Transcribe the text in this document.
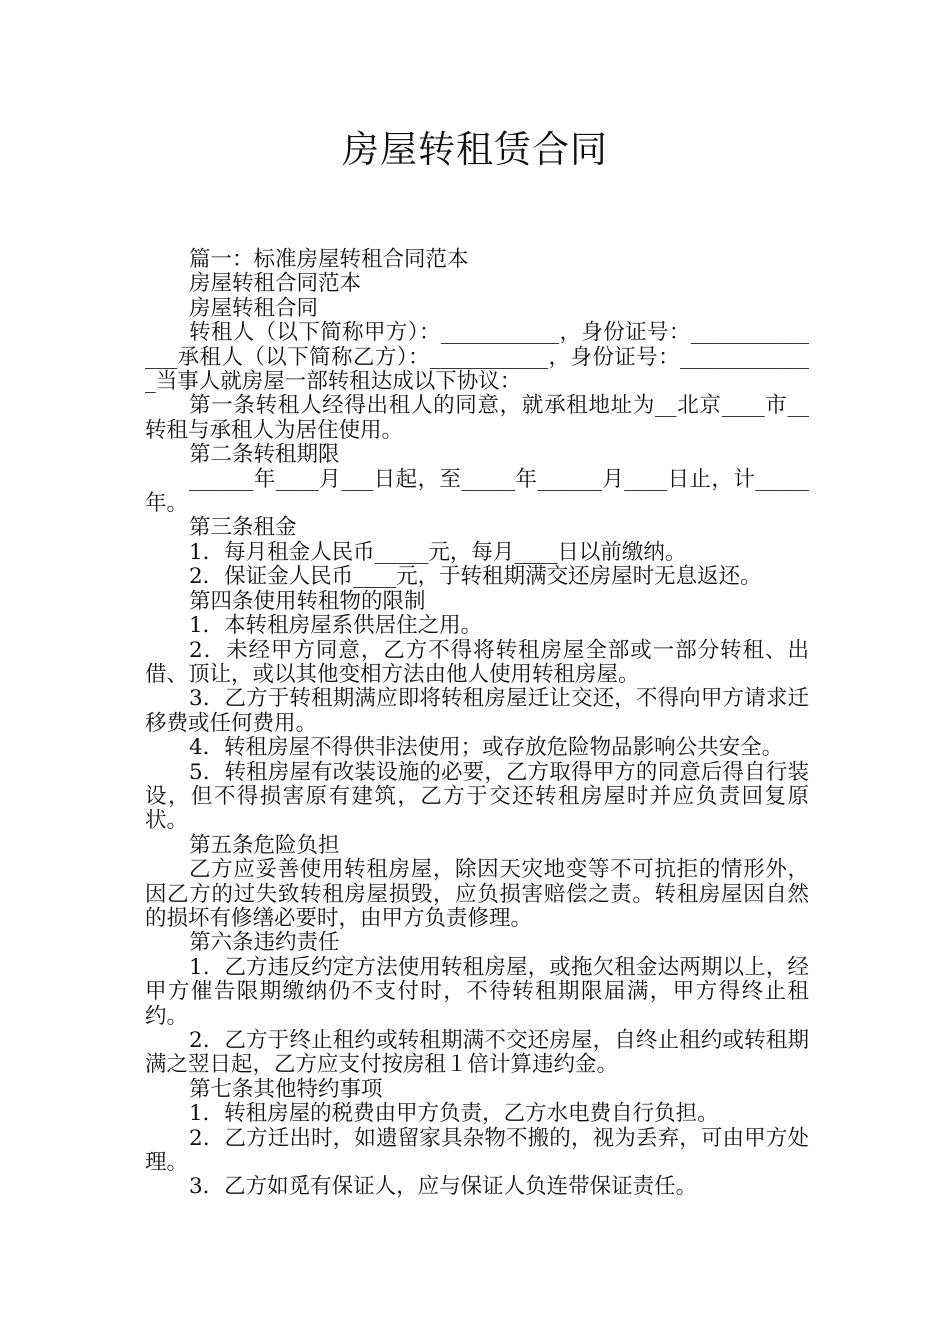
房屋转租赁合同

篇一：标准房屋转租合同范本

房屋转租合同范本

房屋转租合同

转租人（以下简称甲方）：___________，身份证号：______________承租人（以下简称乙方）：___________，身份证号：_____________当事人就房屋一部转租达成以下协议：

第一条转租人经得出租人的同意，就承租地址为__北京____市__转租与承租人为居住使用。

第二条转租期限

______年____月___日起，至_____年______月____日止，计_____年。

第三条租金

1．每月租金人民币_____元，每月____日以前缴纳。

2．保证金人民币____元，于转租期满交还房屋时无息返还。

第四条使用转租物的限制

1．本转租房屋系供居住之用。

2．未经甲方同意，乙方不得将转租房屋全部或一部分转租、出借、顶让，或以其他变相方法由他人使用转租房屋。

3．乙方于转租期满应即将转租房屋迁让交还，不得向甲方请求迁移费或任何费用。

4．转租房屋不得供非法使用；或存放危险物品影响公共安全。

5．转租房屋有改装设施的必要，乙方取得甲方的同意后得自行装设，但不得损害原有建筑，乙方于交还转租房屋时并应负责回复原状。

第五条危险负担

乙方应妥善使用转租房屋，除因天灾地变等不可抗拒的情形外，因乙方的过失致转租房屋损毁，应负损害赔偿之责。转租房屋因自然的损坏有修缮必要时，由甲方负责修理。

第六条违约责任

1．乙方违反约定方法使用转租房屋，或拖欠租金达两期以上，经甲方催告限期缴纳仍不支付时，不待转租期限届满，甲方得终止租约。

2．乙方于终止租约或转租期满不交还房屋，自终止租约或转租期满之翌日起，乙方应支付按房租１倍计算违约金。

第七条其他特约事项

1．转租房屋的税费由甲方负责，乙方水电费自行负担。

2．乙方迁出时，如遗留家具杂物不搬的，视为丢弃，可由甲方处理。

3．乙方如觅有保证人，应与保证人负连带保证责任。
